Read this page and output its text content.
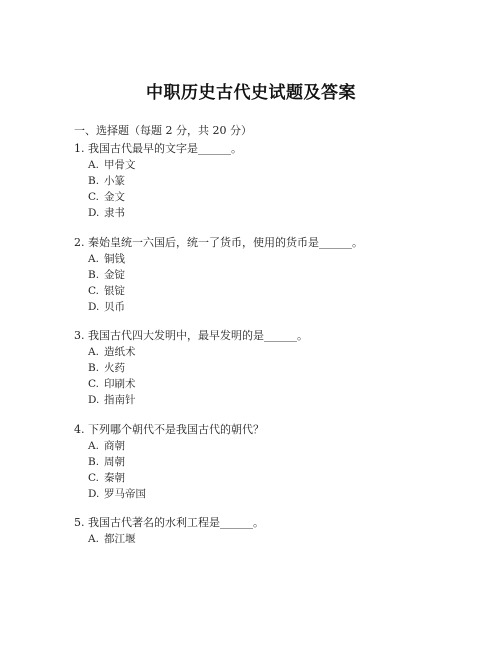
中职历史古代史试题及答案
一、选择题（每题 2 分，共 20 分）
1. 我国古代最早的文字是______。
A. 甲骨文
B. 小篆
C. 金文
D. 隶书
2. 秦始皇统一六国后，统一了货币，使用的货币是______。
A. 铜钱
B. 金锭
C. 银锭
D. 贝币
3. 我国古代四大发明中，最早发明的是______。
A. 造纸术
B. 火药
C. 印刷术
D. 指南针
4. 下列哪个朝代不是我国古代的朝代？
A. 商朝
B. 周朝
C. 秦朝
D. 罗马帝国
5. 我国古代著名的水利工程是______。
A. 都江堰
